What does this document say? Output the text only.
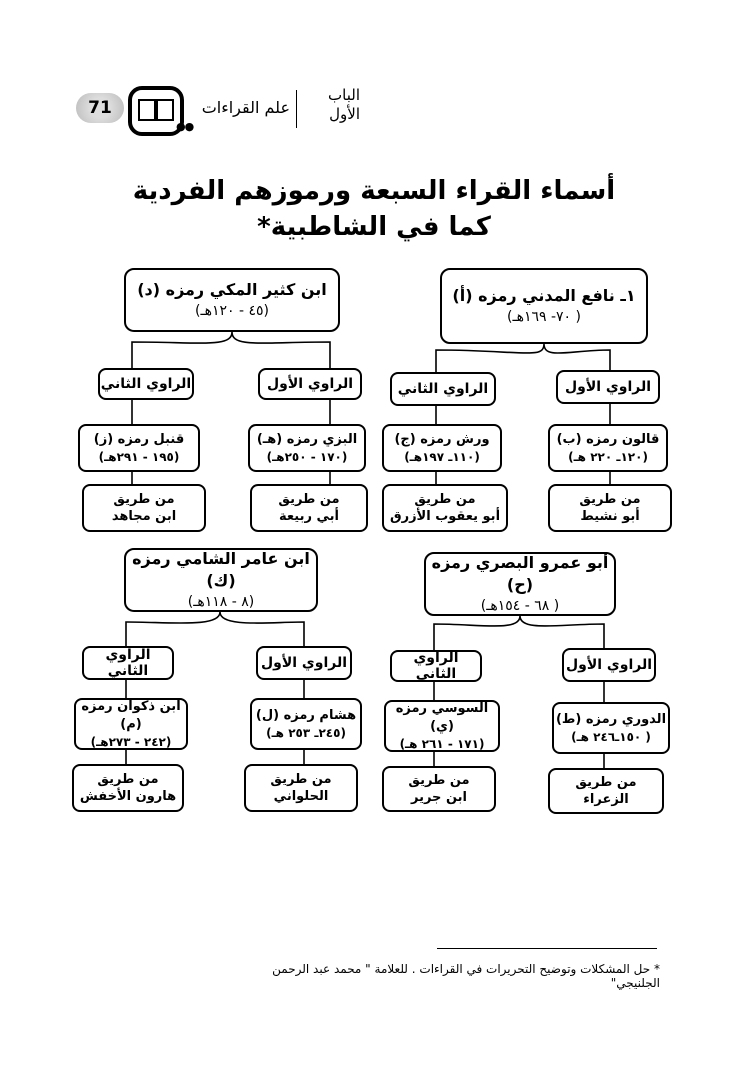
الباب
الأول
علم القراءات
●●
71
أسماء القراء السبعة ورموزهم الفردية
كما في الشاطبية*
١ـ نافع المدني رمزه (أ)
( ٧٠- ١٦٩هـ)
الراوي الأول
الراوي الثاني
قالون رمزه (ب)
(١٢٠ـ ٢٢٠ هـ)
ورش رمزه (ج)
(١١٠ـ ١٩٧هـ)
من طريق
أبو نشيط
من طريق
أبو يعقوب الأزرق
ابن كثير المكي رمزه (د)
(٤٥ - ١٢٠هـ)
الراوي الأول
الراوي الثاني
البزي رمزه (هـ)
(١٧٠ - ٢٥٠هـ)
قنبل رمزه (ز)
(١٩٥ - ٢٩١هـ)
من طريق
أبي ربيعة
من طريق
ابن مجاهد
أبو عمرو البصري رمزه (ح)
( ٦٨ - ١٥٤هـ)
الراوي الأول
الراوي الثاني
الدوري رمزه (ط)
( ١٥٠ـ٢٤٦ هـ)
السوسي رمزه (ي)
(١٧١ - ٢٦١ هـ)
من طريق
الزعراء
من طريق
ابن جرير
ابن عامر الشامي رمزه (ك)
(٨ - ١١٨هـ)
الراوي الأول
الراوي الثاني
هشام رمزه (ل)
(٢٤٥ـ ٢٥٣ هـ)
ابن ذكوان رمزه (م)
(٢٤٢ - ٢٧٣هـ)
من طريق
الحلواني
من طريق
هارون الأخفش
* حل المشكلات وتوضيح التحريرات في القراءات . للعلامة " محمد عبد الرحمن الجلنيجي"
